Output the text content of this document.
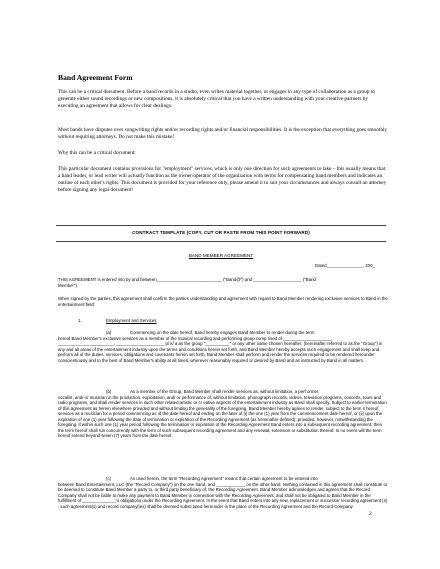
Band Agreement Form
This can be a critical document. Before a band records in a studio, even writes material together, or engages in any type of collaboration as a group to generate either sound recordings or new compositions, it is absolutely critical that you have a written understanding with your creative partners by executing an agreement that allows for clear dealings.
Most bands have disputes over songwriting rights and/or recording rights and/or financial responsibilities. It is the exception that everything goes smoothly without requiring attorneys. Do not make this mistake!
Why this can be a critical document:
This particular document contains provisions for "employment" services, which is only one direction for such agreements to take – this usually means that a band leader, or lead writer will actually function as the owner/operator of the organization with terms for compensating band members and indicates an outline of each other's rights. This document is provided for your reference only, please amend it to suit your circumstances and always consult an attorney before signing any legal document!
CONTRACT TEMPLATE (COPY, CUT OR PASTE FROM THIS POINT FORWARD)
BAND MEMBER AGREEMENT
Dated_______________, 200_
THIS AGREEMENT is entered into by and between___________________________ ("Band@") and ____________________ ("Band
Member").
When signed by the parties, this agreement shall confirm the parties understanding and agreement with regard to Band Member rendering exclusive services to Band in the entertainment field:
1.	Employment and Services
(a)	Commencing on the date hereof, Band hereby engages Band Member to render during the term
hereof Band Member's exclusive services as a member of the musical recording and performing group comp rised of ____________________, _______________________, ____________________ p/ k/ a as the group "__________" or any other name chosen hereafter, (hereinafter referred to as the "Group") in any and all areas of the entertainment industry upon the terms and conditions herein set forth, and Band Member hereby accepts such engagement and shall keep and perform all of the duties, services, obligations and covenants herein set forth. Band Member shall perform and render the services required to be rendered hereunder conscientiously and to the best of Band Member's ability at all times, wherever reasonably required or desired by Band and as instructed by Band in all matters.
(b)	As a member of the Group, Band Member shall render services as, without limitation, a perf ormer,
vocalist, and/ or musician in the production, exploitation, and/ or performance of, without limitation, phonograph records, videos, television programs, concerts, tours and radio programs, and shall render services in such other related artistic or cr eative aspects of the entertainment industry as Band shall specify. Subject to earlier termination of this agreement as herein elsewhere provided and without limiting the generality of the foregoing, Band Member hereby agrees to render, subject to the term s hereof, services as a musician for a period commencing as of the date hereof and ending on the later of (i) the one (1) year from the commencement date hereof, or (ii) upon the expiration of one (1) year following the date of termination or expiration of the Recording Agreement (as hereinafter defined); provided, however, notwithstanding the foregoing, if within such one (1) year period following the termination or expiration of the Recording Agreement Band enters into a subsequent recording agreement, then the term hereof shall run concurrently with the term of such subsequent recording agreement and any renewal, extension or substitution thereof. In no event will the term hereof extend beyond seven (7) years from the date hereof.
(c)	As used herein, the term "Recording Agreement" means that certain agreement to be entered into
between Band Entertainment, LLC (the "Record Company") on the one hand, and ____________ on the other hand. Nothing contained in this agreement shall constitute or be deemed to constitute Band Member a party to, or third party beneficiary of, the Recording Agreement. Band Member acknowledges and agrees that the Record Company shall not be liable to make any payment to Band Member in connection with the Recording Agreement, and shall not be obligated to Band Member in the fulfillment of ______________'s obligations under the Recording Agreement. In the event that Band enters into any new, replacement or successor recording agreement (s) , such agreement(s) and record company(ies) shall be deemed substi tuted hereunder in the place of the Recording Agreement and the Record Company.
2
